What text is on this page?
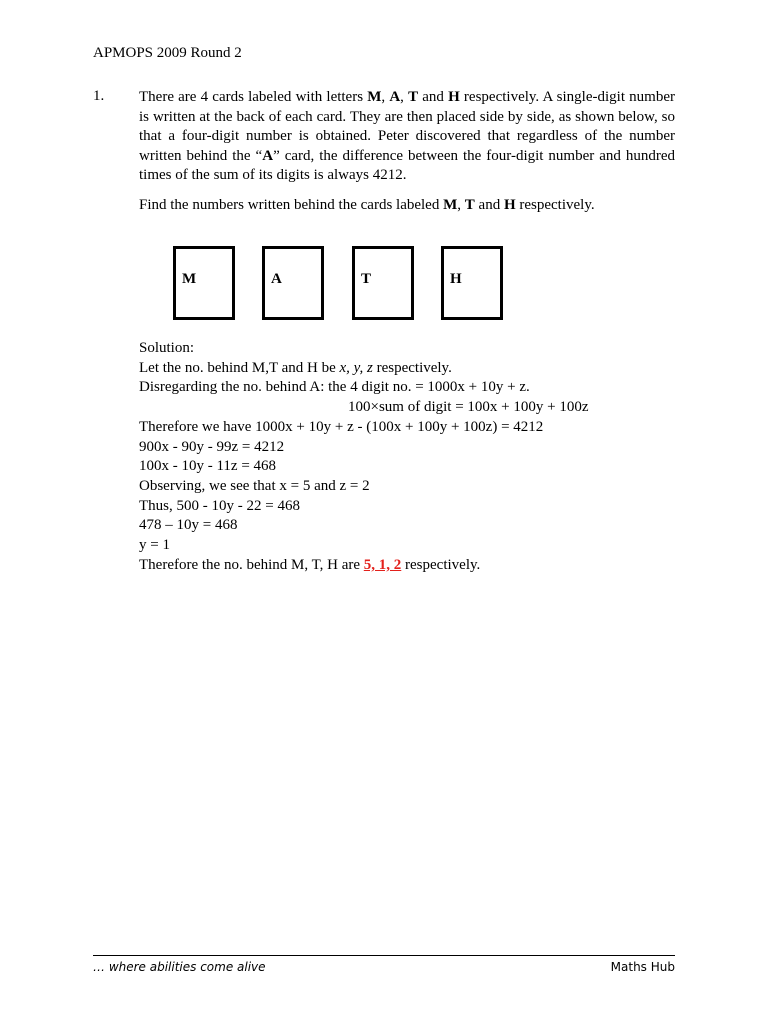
APMOPS 2009 Round 2
1. There are 4 cards labeled with letters M, A, T and H respectively. A single-digit number is written at the back of each card. They are then placed side by side, as shown below, so that a four-digit number is obtained. Peter discovered that regardless of the number written behind the “A” card, the difference between the four-digit number and hundred times of the sum of its digits is always 4212.
Find the numbers written behind the cards labeled M, T and H respectively.
M	A	T	H
Solution:
Let the no. behind M,T and H be x, y, z respectively.
Disregarding the no. behind A: the 4 digit no. = 1000x + 10y + z.
100×sum of digit = 100x + 100y + 100z
Therefore we have 1000x + 10y + z - (100x + 100y + 100z) = 4212
900x - 90y - 99z = 4212
100x - 10y - 11z = 468
Observing, we see that x = 5 and z = 2
Thus, 500 - 10y - 22 = 468
478 – 10y = 468
y = 1
Therefore the no. behind M, T, H are 5, 1, 2 respectively.
… where abilities come alive	Maths Hub
